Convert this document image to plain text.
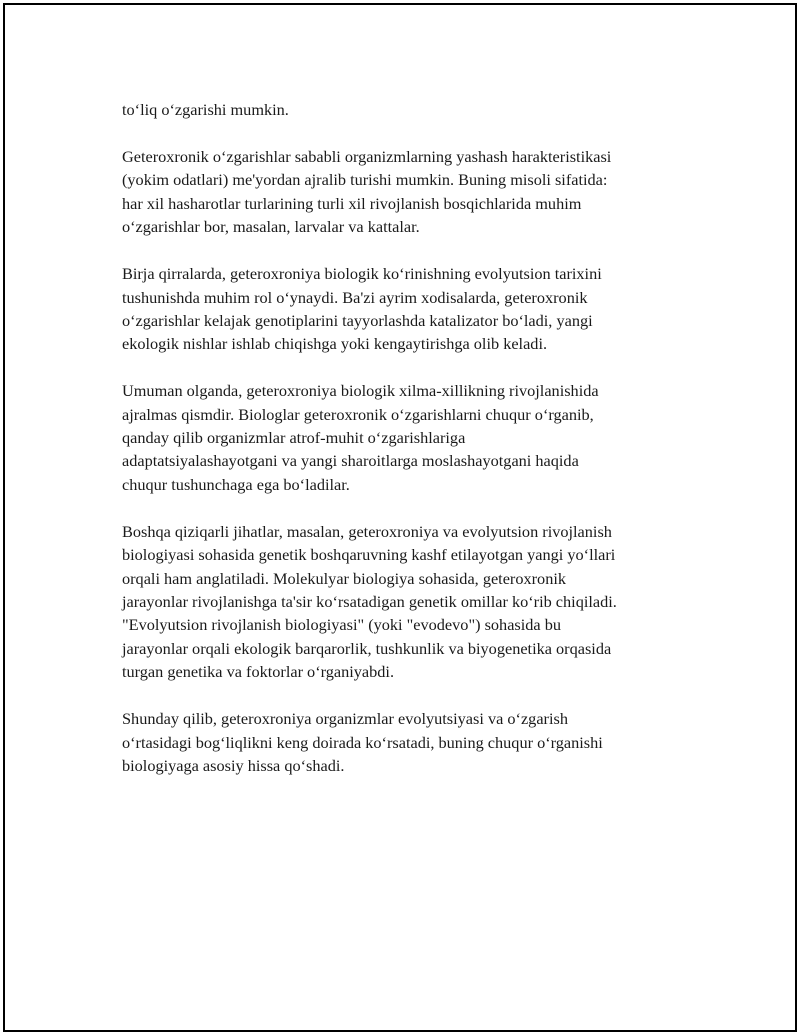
to‘liq o‘zgarishi mumkin.
Geteroxronik o‘zgarishlar sababli organizmlarning yashash harakteristikasi
(yokim odatlari) me'yordan ajralib turishi mumkin. Buning misoli sifatida:
har xil hasharotlar turlarining turli xil rivojlanish bosqichlarida muhim
o‘zgarishlar bor, masalan, larvalar va kattalar.
Birja qirralarda, geteroxroniya biologik ko‘rinishning evolyutsion tarixini
tushunishda muhim rol o‘ynaydi. Ba'zi ayrim xodisalarda, geteroxronik
o‘zgarishlar kelajak genotiplarini tayyorlashda katalizator bo‘ladi, yangi
ekologik nishlar ishlab chiqishga yoki kengaytirishga olib keladi.
Umuman olganda, geteroxroniya biologik xilma-xillikning rivojlanishida
ajralmas qismdir. Biologlar geteroxronik o‘zgarishlarni chuqur o‘rganib,
qanday qilib organizmlar atrof-muhit o‘zgarishlariga
adaptatsiyalashayotgani va yangi sharoitlarga moslashayotgani haqida
chuqur tushunchaga ega bo‘ladilar.
Boshqa qiziqarli jihatlar, masalan, geteroxroniya va evolyutsion rivojlanish
biologiyasi sohasida genetik boshqaruvning kashf etilayotgan yangi yo‘llari
orqali ham anglatiladi. Molekulyar biologiya sohasida, geteroxronik
jarayonlar rivojlanishga ta'sir ko‘rsatadigan genetik omillar ko‘rib chiqiladi.
"Evolyutsion rivojlanish biologiyasi" (yoki "evodevo") sohasida bu
jarayonlar orqali ekologik barqarorlik, tushkunlik va biyogenetika orqasida
turgan genetika va foktorlar o‘rganiyabdi.
Shunday qilib, geteroxroniya organizmlar evolyutsiyasi va o‘zgarish
o‘rtasidagi bog‘liqlikni keng doirada ko‘rsatadi, buning chuqur o‘rganishi
biologiyaga asosiy hissa qo‘shadi.
